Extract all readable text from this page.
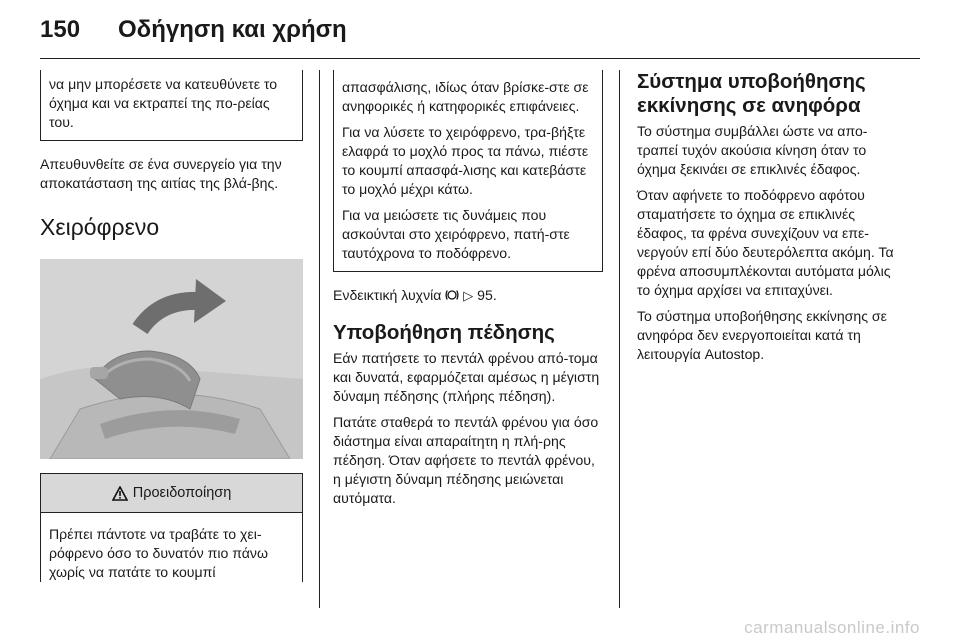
150 Οδήγηση και χρήση

να μην μπορέσετε να κατευθύνετε το όχημα και να εκτραπεί της πο-ρείας του.

Απευθυνθείτε σε ένα συνεργείο για την αποκατάσταση της αιτίας της βλά-βης.

Χειρόφρενο
Προειδοποίηση

Πρέπει πάντοτε να τραβάτε το χει-ρόφρενο όσο το δυνατόν πιο πάνω χωρίς να πατάτε το κουμπί

απασφάλισης, ιδίως όταν βρίσκε-στε σε ανηφορικές ή κατηφορικές επιφάνειες.

Για να λύσετε το χειρόφρενο, τρα-βήξτε ελαφρά το μοχλό προς τα πάνω, πιέστε το κουμπί απασφά-λισης και κατεβάστε το μοχλό μέχρι κάτω.

Για να μειώσετε τις δυνάμεις που ασκούνται στο χειρόφρενο, πατή-στε ταυτόχρονα το ποδόφρενο.

Ενδεικτική λυχνία ▷ 95.

Υποβοήθηση πέδησης

Εάν πατήσετε το πεντάλ φρένου από-τομα και δυνατά, εφαρμόζεται αμέσως η μέγιστη δύναμη πέδησης (πλήρης πέδηση).

Πατάτε σταθερά το πεντάλ φρένου για όσο διάστημα είναι απαραίτητη η πλή-ρης πέδηση. Όταν αφήσετε το πεντάλ φρένου, η μέγιστη δύναμη πέδησης μειώνεται αυτόματα.

Σύστημα υποβοήθησης εκκίνησης σε ανηφόρα

Το σύστημα συμβάλλει ώστε να απο-τραπεί τυχόν ακούσια κίνηση όταν το όχημα ξεκινάει σε επικλινές έδαφος.

Όταν αφήνετε το ποδόφρενο αφότου σταματήσετε το όχημα σε επικλινές έδαφος, τα φρένα συνεχίζουν να επε-νεργούν επί δύο δευτερόλεπτα ακόμη. Τα φρένα αποσυμπλέκονται αυτόματα μόλις το όχημα αρχίσει να επιταχύνει.

Το σύστημα υποβοήθησης εκκίνησης σε ανηφόρα δεν ενεργοποιείται κατά τη λειτουργία Autostop.

carmanualsonline.info
